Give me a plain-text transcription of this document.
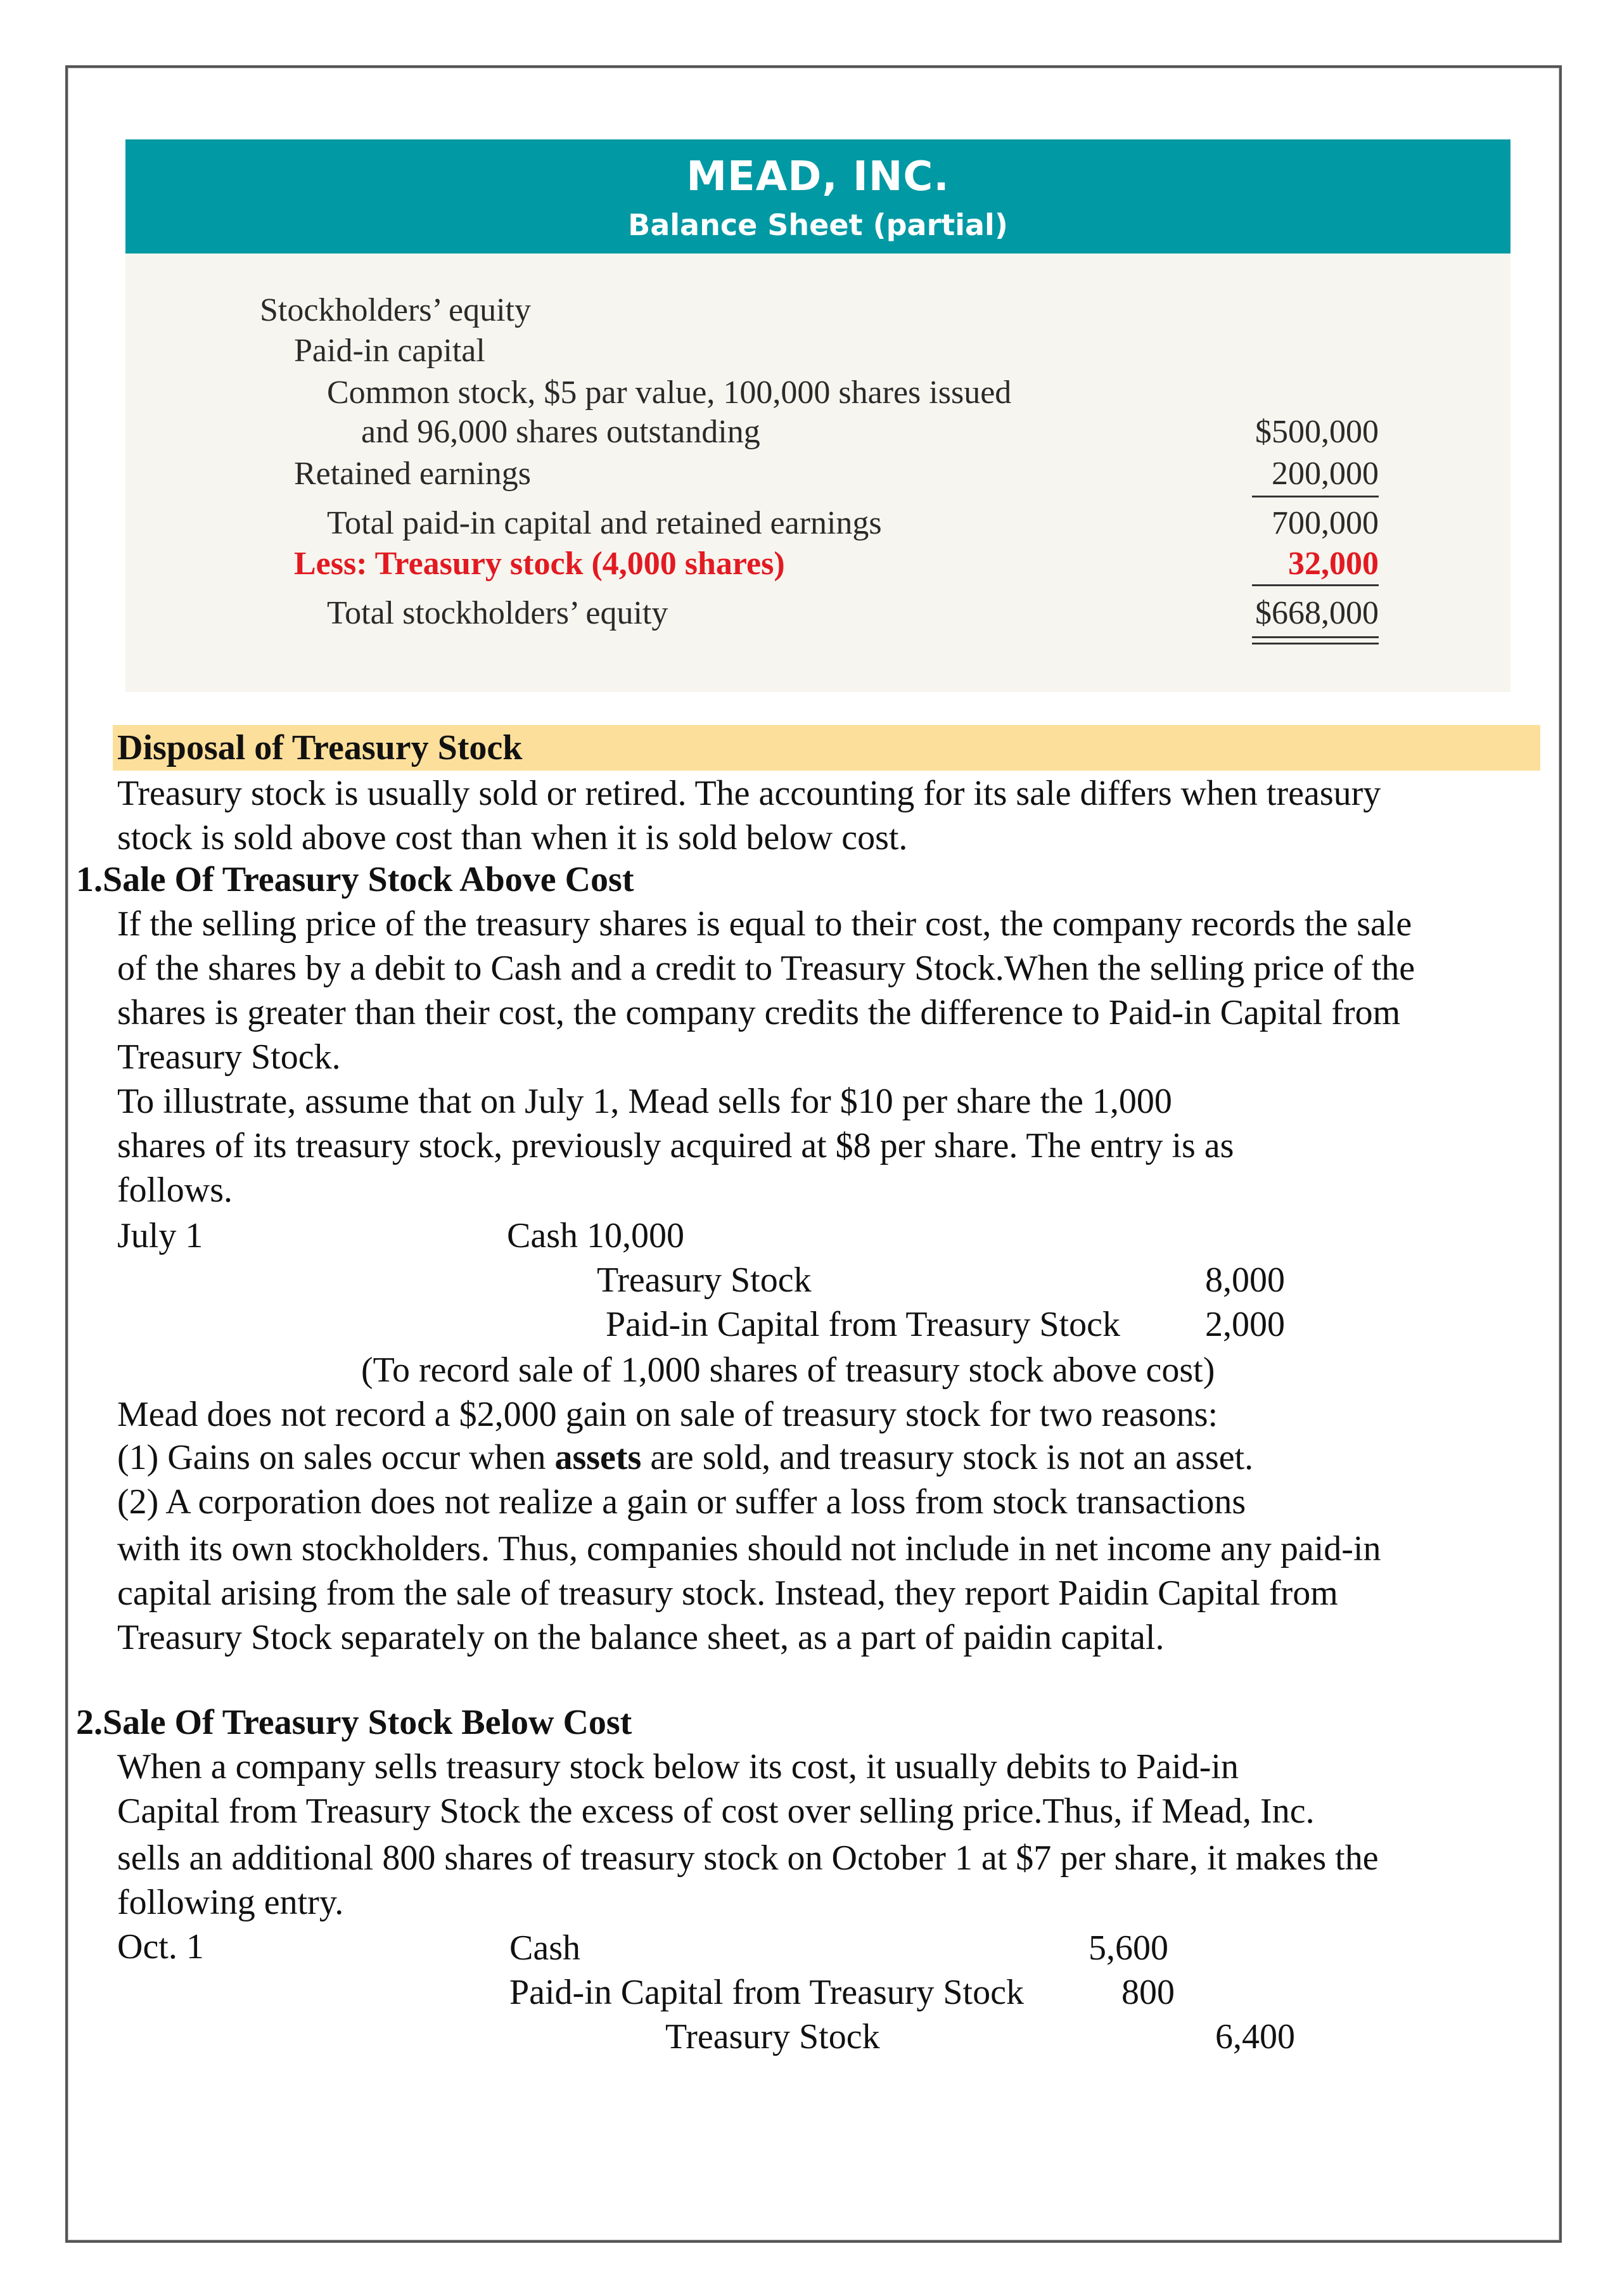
MEAD, INC.
Balance Sheet (partial)
Stockholders’ equity
Paid-in capital
Common stock, $5 par value, 100,000 shares issued
and 96,000 shares outstanding	$500,000
Retained earnings	200,000
Total paid-in capital and retained earnings	700,000
Less: Treasury stock (4,000 shares)	32,000
Total stockholders’ equity	$668,000
Disposal of Treasury Stock
Treasury stock is usually sold or retired. The accounting for its sale differs when treasury
stock is sold above cost than when it is sold below cost.
1.Sale Of Treasury Stock Above Cost
If the selling price of the treasury shares is equal to their cost, the company records the sale
of the shares by a debit to Cash and a credit to Treasury Stock.When the selling price of the
shares is greater than their cost, the company credits the difference to Paid-in Capital from
Treasury Stock.
To illustrate, assume that on July 1, Mead sells for $10 per share the 1,000
shares of its treasury stock, previously acquired at $8 per share. The entry is as
follows.
July 1	Cash 10,000
Treasury Stock	8,000
Paid-in Capital from Treasury Stock 2,000
(To record sale of 1,000 shares of treasury stock above cost)
Mead does not record a $2,000 gain on sale of treasury stock for two reasons:
(1) Gains on sales occur when assets are sold, and treasury stock is not an asset.
(2) A corporation does not realize a gain or suffer a loss from stock transactions
with its own stockholders. Thus, companies should not include in net income any paid-in
capital arising from the sale of treasury stock. Instead, they report Paidin Capital from
Treasury Stock separately on the balance sheet, as a part of paidin capital.
2.Sale Of Treasury Stock Below Cost
When a company sells treasury stock below its cost, it usually debits to Paid-in
Capital from Treasury Stock the excess of cost over selling price.Thus, if Mead, Inc.
sells an additional 800 shares of treasury stock on October 1 at $7 per share, it makes the
following entry.
Oct. 1	Cash	5,600
Paid-in Capital from Treasury Stock	800
Treasury Stock	6,400
